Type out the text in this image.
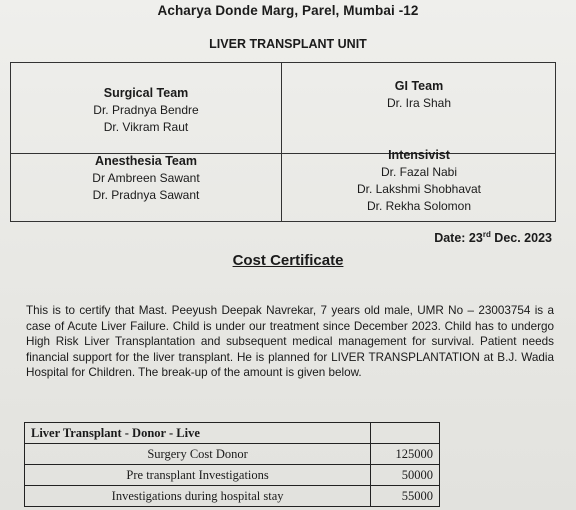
Acharya Donde Marg, Parel, Mumbai -12
LIVER TRANSPLANT UNIT
Surgical Team
Dr. Pradnya Bendre
Dr. Vikram Raut
GI Team
Dr. Ira Shah
Anesthesia Team
Dr Ambreen Sawant
Dr. Pradnya Sawant
Intensivist
Dr. Fazal Nabi
Dr. Lakshmi Shobhavat
Dr. Rekha Solomon
Date: 23rd Dec. 2023
Cost Certificate
This is to certify that Mast. Peeyush Deepak Navrekar, 7 years old male, UMR No – 23003754 is a case of Acute Liver Failure. Child is under our treatment since December 2023. Child has to undergo High Risk Liver Transplantation and subsequent medical management for survival. Patient needs financial support for the liver transplant. He is planned for LIVER TRANSPLANTATION at B.J. Wadia Hospital for Children. The break-up of the amount is given below.
Liver Transplant - Donor - Live	
Surgery Cost Donor	125000
Pre transplant Investigations	50000
Investigations during hospital stay	55000
